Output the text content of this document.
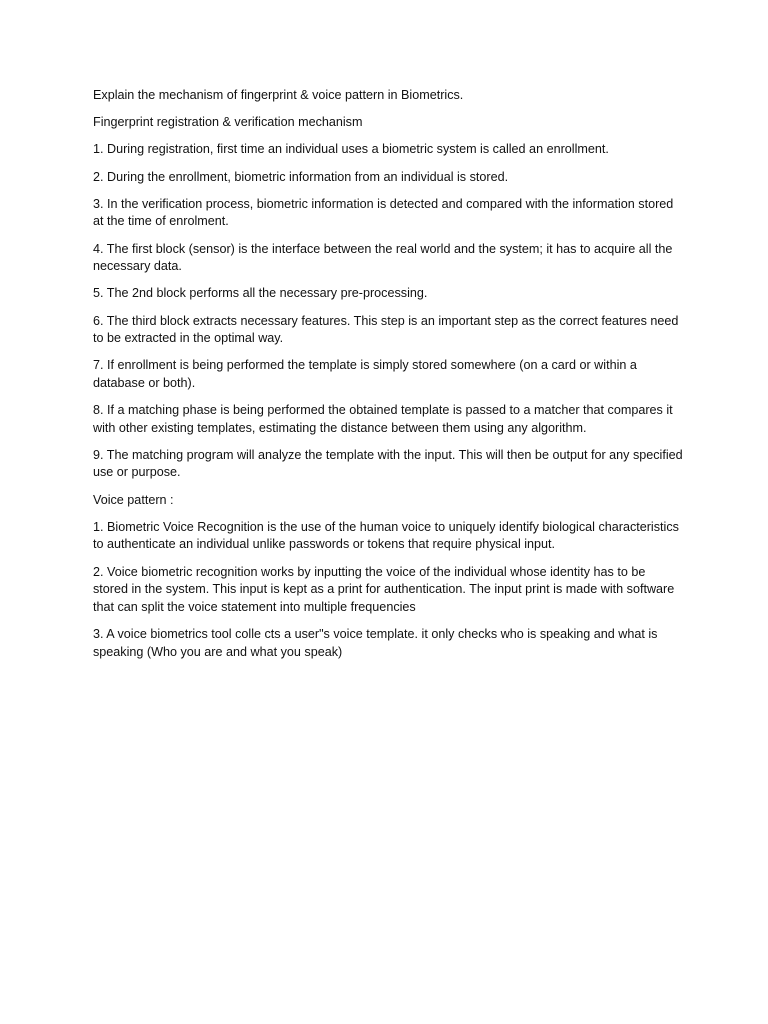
Explain the mechanism of fingerprint & voice pattern in Biometrics.

Fingerprint registration & verification mechanism

1. During registration, first time an individual uses a biometric system is called an enrollment.

2. During the enrollment, biometric information from an individual is stored.

3. In the verification process, biometric information is detected and compared with the information stored at the time of enrolment.

4. The first block (sensor) is the interface between the real world and the system; it has to acquire all the necessary data.

5. The 2nd block performs all the necessary pre-processing.

6. The third block extracts necessary features. This step is an important step as the correct features need to be extracted in the optimal way.

7. If enrollment is being performed the template is simply stored somewhere (on a card or within a database or both).

8. If a matching phase is being performed the obtained template is passed to a matcher that compares it with other existing templates, estimating the distance between them using any algorithm.

9. The matching program will analyze the template with the input. This will then be output for any specified use or purpose.

Voice pattern :

1. Biometric Voice Recognition is the use of the human voice to uniquely identify biological characteristics to authenticate an individual unlike passwords or tokens that require physical input.

2. Voice biometric recognition works by inputting the voice of the individual whose identity has to be stored in the system. This input is kept as a print for authentication. The input print is made with software that can split the voice statement into multiple frequencies

3. A voice biometrics tool colle cts a user"s voice template. it only checks who is speaking and what is speaking (Who you are and what you speak)
